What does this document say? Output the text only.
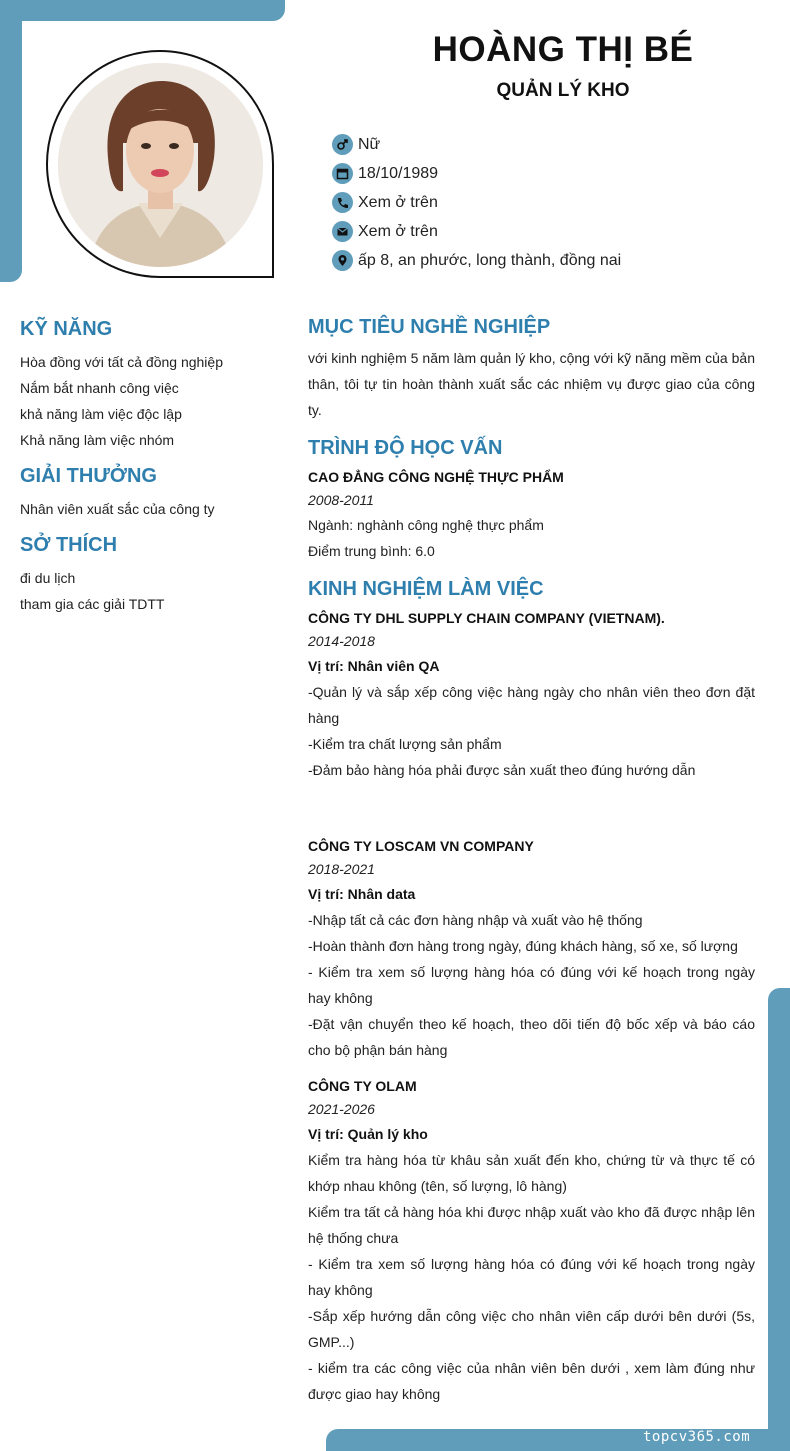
topcv365.com
HOÀNG THỊ BÉ
QUẢN LÝ KHO
Nữ
18/10/1989
Xem ở trên
Xem ở trên
ấp 8, an phước, long thành, đồng nai
KỸ NĂNG
Hòa đồng với tất cả đồng nghiệp
Nắm bắt nhanh công việc
khả năng làm việc độc lập
Khả năng làm việc nhóm
GIẢI THƯỞNG
Nhân viên xuất sắc của công ty
SỞ THÍCH
đi du lịch
tham gia các giải TDTT
MỤC TIÊU NGHỀ NGHIỆP
với kinh nghiệm 5 năm làm quản lý kho, cộng với kỹ năng mềm của bản thân, tôi tự tin hoàn thành xuất sắc các nhiệm vụ được giao của công ty.
TRÌNH ĐỘ HỌC VẤN
CAO ĐẲNG CÔNG NGHỆ THỰC PHẨM
2008-2011
Ngành: nghành công nghệ thực phẩm
Điểm trung bình: 6.0
KINH NGHIỆM LÀM VIỆC
CÔNG TY DHL SUPPLY CHAIN COMPANY (VIETNAM).
2014-2018
Vị trí: Nhân viên QA
-Quản lý và sắp xếp công việc hàng ngày cho nhân viên theo đơn đặt hàng
-Kiểm tra chất lượng sản phẩm
-Đảm bảo hàng hóa phải được sản xuất theo đúng hướng dẫn
CÔNG TY LOSCAM VN COMPANY
2018-2021
Vị trí: Nhân data
-Nhập tất cả các đơn hàng nhập và xuất vào hệ thống
-Hoàn thành đơn hàng trong ngày, đúng khách hàng, số xe, số lượng
- Kiểm tra xem số lượng hàng hóa có đúng với kế hoạch trong ngày hay không
-Đặt vận chuyển theo kế hoạch, theo dõi tiến độ bốc xếp và báo cáo cho bộ phận bán hàng
CÔNG TY OLAM
2021-2026
Vị trí: Quản lý kho
Kiểm tra hàng hóa từ khâu sản xuất đến kho, chứng từ và thực tế có khớp nhau không (tên, số lượng, lô hàng)
Kiểm tra tất cả hàng hóa khi được nhập xuất vào kho đã được nhập lên hệ thống chưa
- Kiểm tra xem số lượng hàng hóa có đúng với kế hoạch trong ngày hay không
-Sắp xếp hướng dẫn công việc cho nhân viên cấp dưới bên dưới (5s, GMP...)
- kiểm tra các công việc của nhân viên bên dưới , xem làm đúng như được giao hay không
